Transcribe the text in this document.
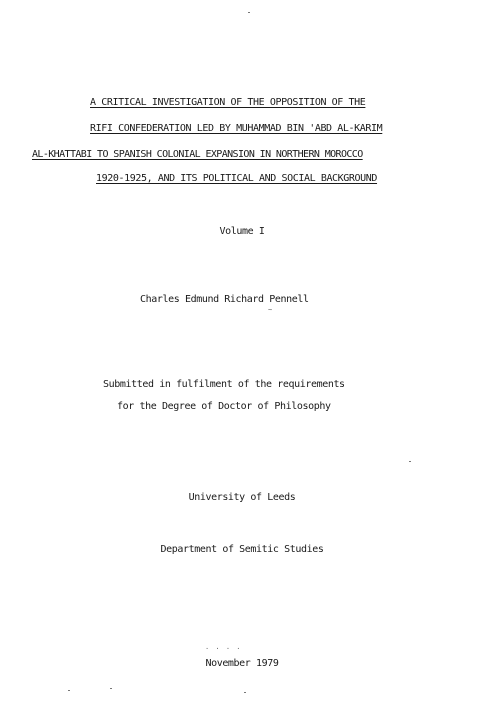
A CRITICAL INVESTIGATION OF THE OPPOSITION OF THE
RIFI CONFEDERATION LED BY MUHAMMAD BIN 'ABD AL-KARIM
AL-KHATTABI TO SPANISH COLONIAL EXPANSION IN NORTHERN MOROCCO
1920-1925, AND ITS POLITICAL AND SOCIAL BACKGROUND
Volume I
Charles Edmund Richard Pennell
~
Submitted in fulfilment of the requirements
for the Degree of Doctor of Philosophy
University of Leeds
Department of Semitic Studies
· · · ·
November 1979
